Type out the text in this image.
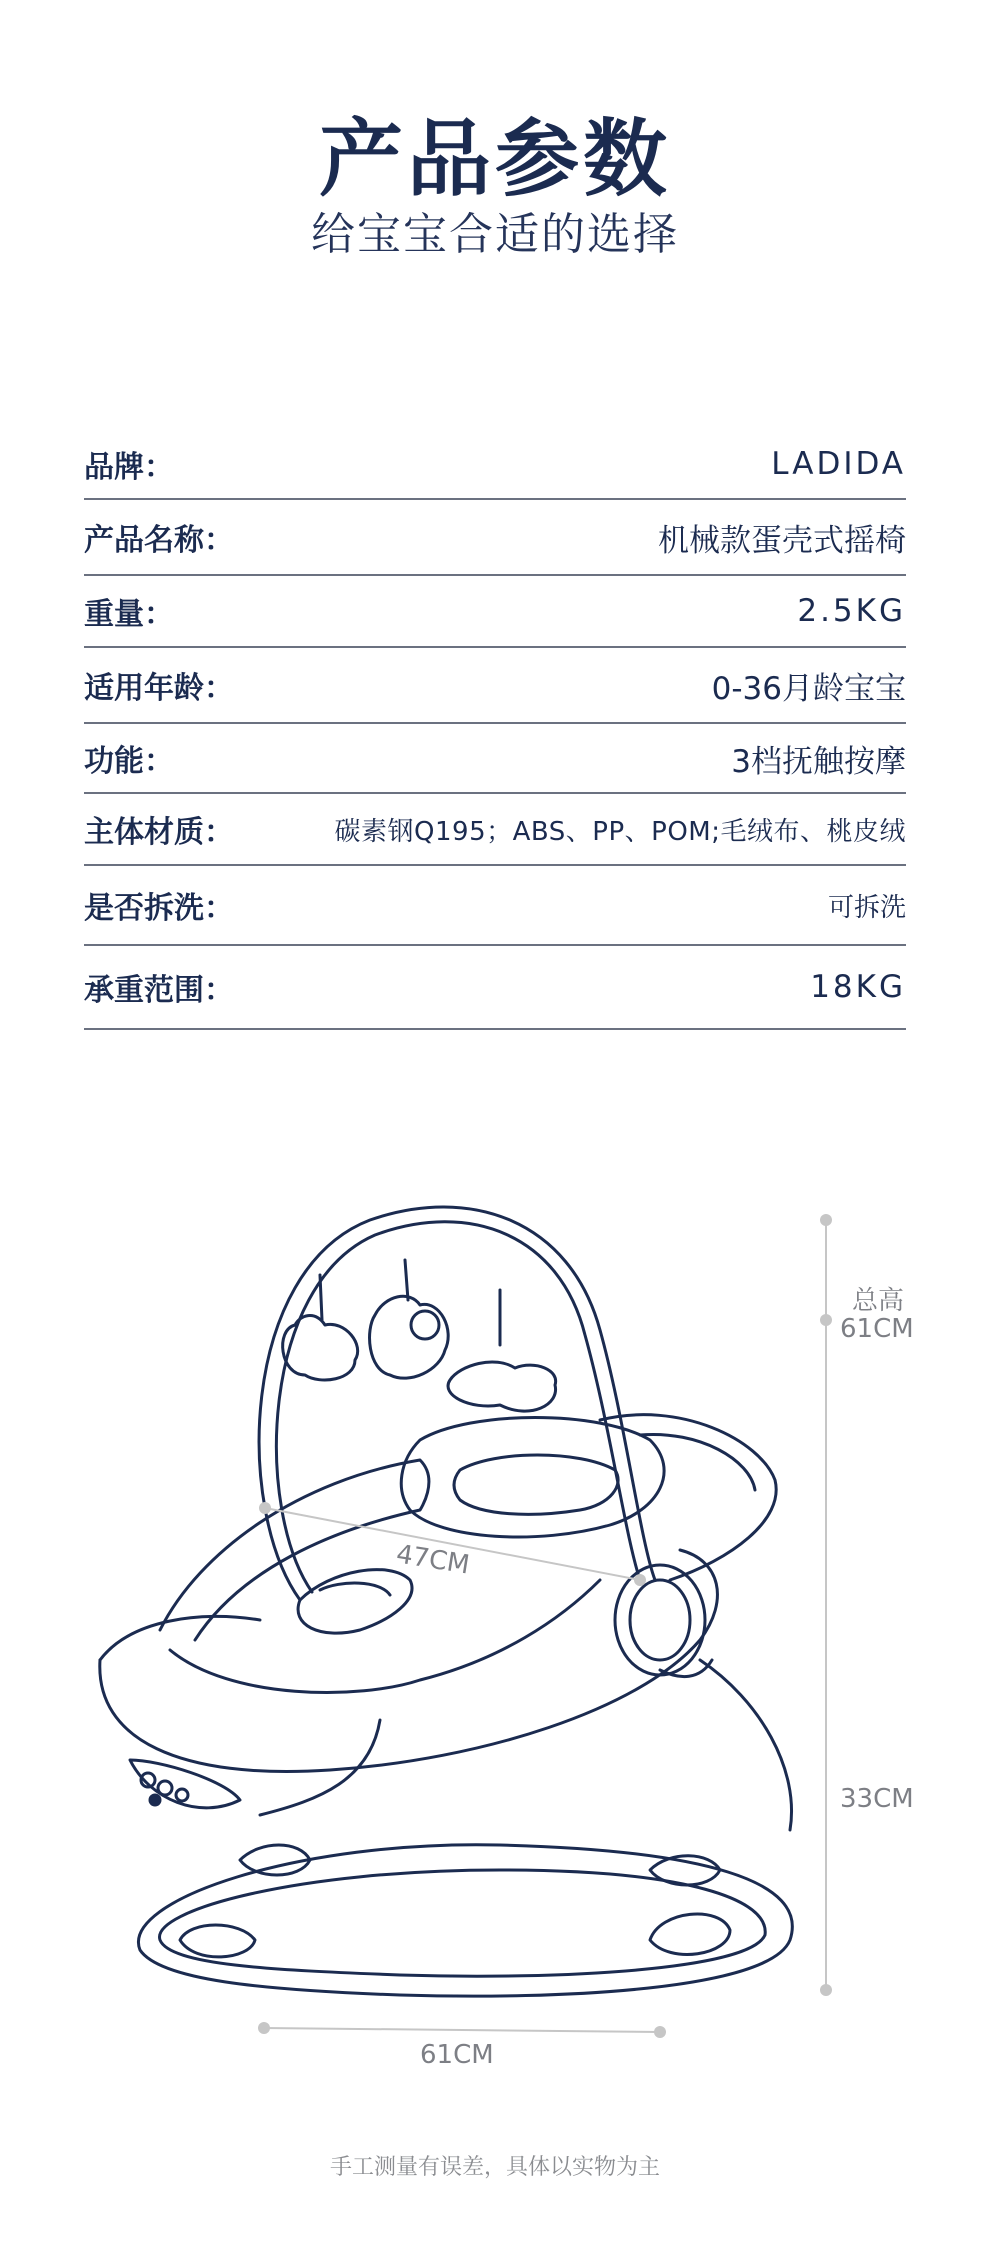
产品参数
给宝宝合适的选择
品牌：	LADIDA
产品名称：	机械款蛋壳式摇椅
重量：	2.5KG
适用年龄：	0-36月龄宝宝
功能：	3档抚触按摩
主体材质：	碳素钢Q195；ABS、PP、POM;毛绒布、桃皮绒
是否拆洗：	可拆洗
承重范围：	18KG
总高
61CM
47CM
33CM
61CM
手工测量有误差，具体以实物为主
